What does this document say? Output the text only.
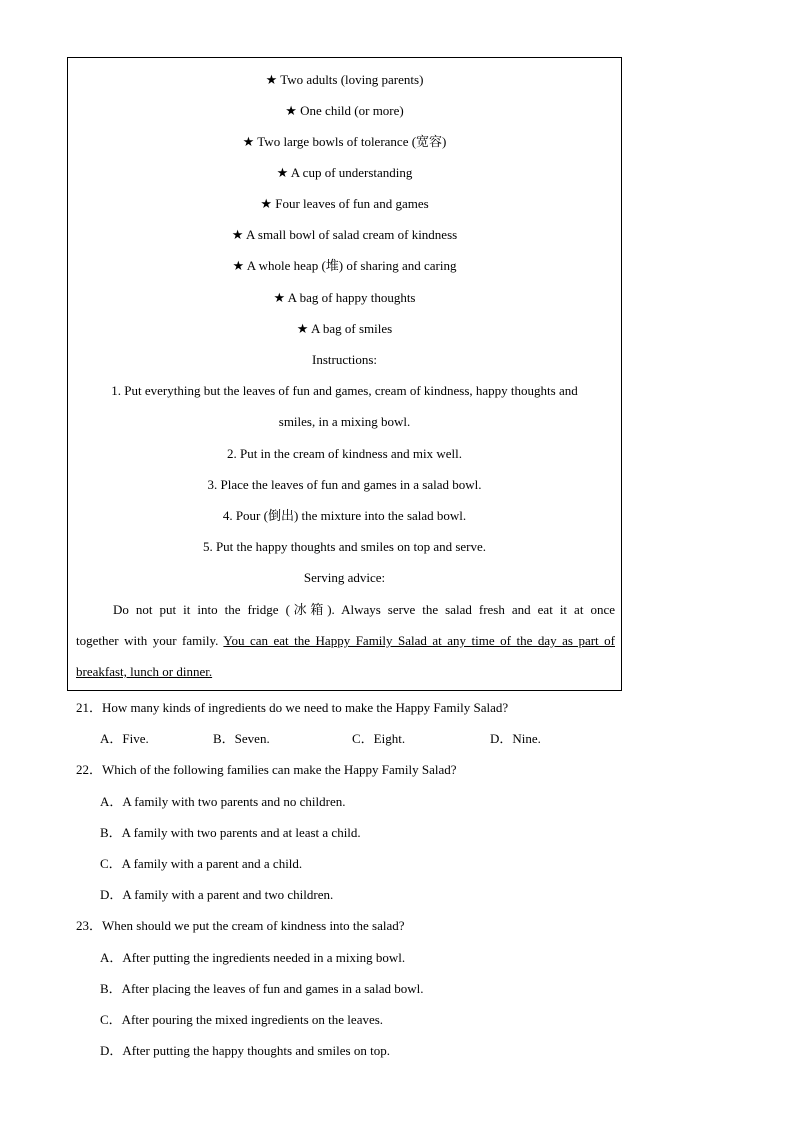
★ Two adults (loving parents)
★ One child (or more)
★ Two large bowls of tolerance (宽容)
★ A cup of understanding
★ Four leaves of fun and games
★ A small bowl of salad cream of kindness
★ A whole heap (堆) of sharing and caring
★ A bag of happy thoughts
★ A bag of smiles
Instructions:
1. Put everything but the leaves of fun and games, cream of kindness, happy thoughts and
smiles, in a mixing bowl.
2. Put in the cream of kindness and mix well.
3. Place the leaves of fun and games in a salad bowl.
4. Pour (倒出) the mixture into the salad bowl.
5. Put the happy thoughts and smiles on top and serve.
Serving advice:
Do not put it into the fridge (冰箱). Always serve the salad fresh and eat it at once
together with your family. You can eat the Happy Family Salad at any time of the day as part of
breakfast, lunch or dinner.
21．How many kinds of ingredients do we need to make the Happy Family Salad?
A．Five.	B．Seven.	C．Eight.	D．Nine.
22．Which of the following families can make the Happy Family Salad?
A．A family with two parents and no children.
B．A family with two parents and at least a child.
C．A family with a parent and a child.
D．A family with a parent and two children.
23．When should we put the cream of kindness into the salad?
A．After putting the ingredients needed in a mixing bowl.
B．After placing the leaves of fun and games in a salad bowl.
C．After pouring the mixed ingredients on the leaves.
D．After putting the happy thoughts and smiles on top.
